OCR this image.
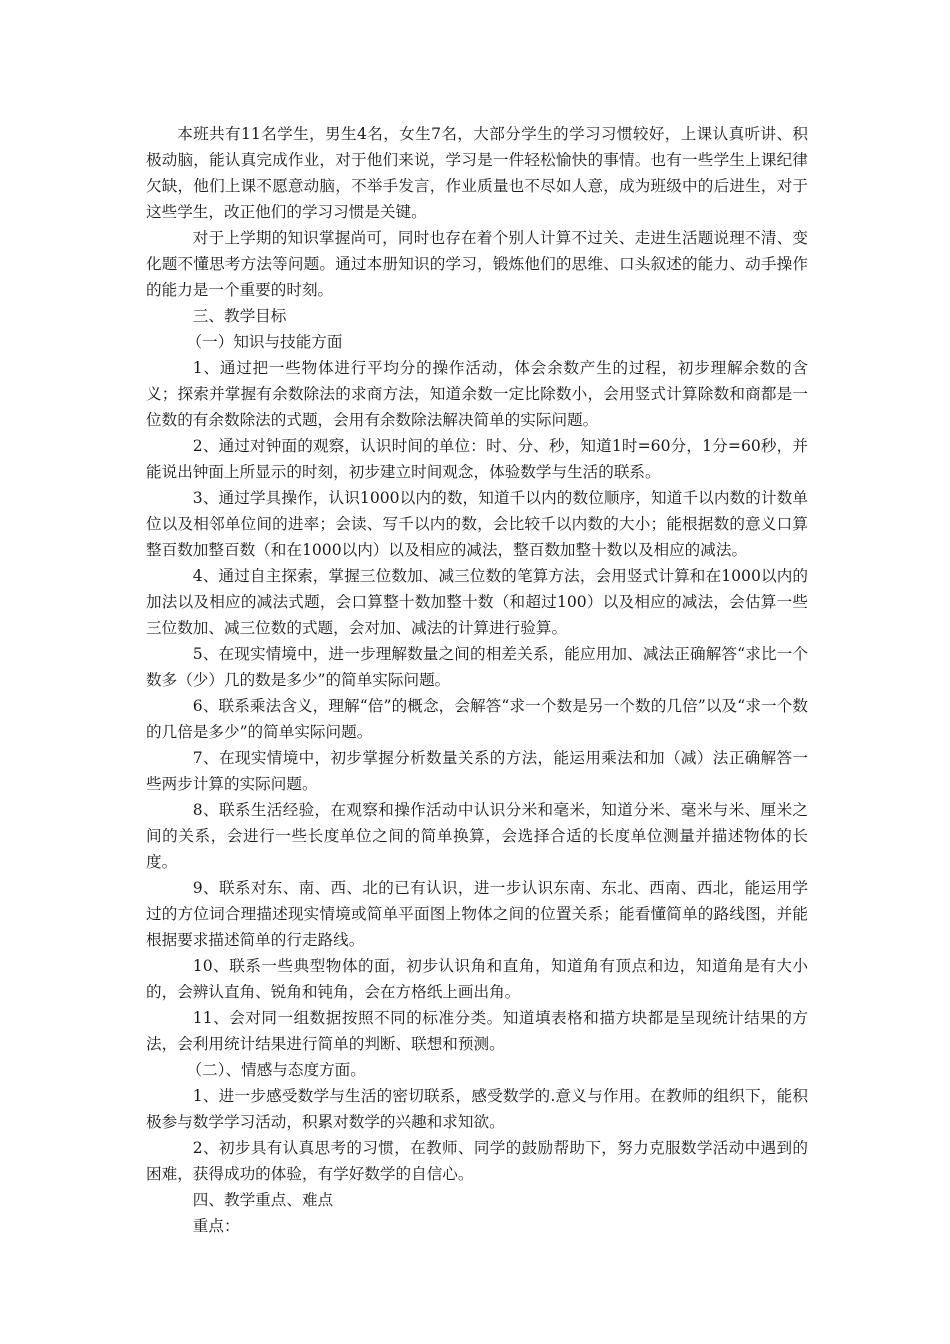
本班共有11名学生，男生4名，女生7名，大部分学生的学习习惯较好，上课认真听讲、积极动脑，能认真完成作业，对于他们来说，学习是一件轻松愉快的事情。也有一些学生上课纪律欠缺，他们上课不愿意动脑，不举手发言，作业质量也不尽如人意，成为班级中的后进生，对于这些学生，改正他们的学习习惯是关键。

对于上学期的知识掌握尚可，同时也存在着个别人计算不过关、走进生活题说理不清、变化题不懂思考方法等问题。通过本册知识的学习，锻炼他们的思维、口头叙述的能力、动手操作的能力是一个重要的时刻。

三、教学目标

（一）知识与技能方面

1、通过把一些物体进行平均分的操作活动，体会余数产生的过程，初步理解余数的含义；探索并掌握有余数除法的求商方法，知道余数一定比除数小，会用竖式计算除数和商都是一位数的有余数除法的式题，会用有余数除法解决简单的实际问题。

2、通过对钟面的观察，认识时间的单位：时、分、秒，知道1时=60分，1分=60秒，并能说出钟面上所显示的时刻，初步建立时间观念，体验数学与生活的联系。

3、通过学具操作，认识1000以内的数，知道千以内的数位顺序，知道千以内数的计数单位以及相邻单位间的进率；会读、写千以内的数，会比较千以内数的大小；能根据数的意义口算整百数加整百数（和在1000以内）以及相应的减法，整百数加整十数以及相应的减法。

4、通过自主探索，掌握三位数加、减三位数的笔算方法，会用竖式计算和在1000以内的加法以及相应的减法式题，会口算整十数加整十数（和超过100）以及相应的减法，会估算一些三位数加、减三位数的式题，会对加、减法的计算进行验算。

5、在现实情境中，进一步理解数量之间的相差关系，能应用加、减法正确解答“求比一个数多（少）几的数是多少”的简单实际问题。

6、联系乘法含义，理解“倍”的概念，会解答“求一个数是另一个数的几倍”以及“求一个数的几倍是多少”的简单实际问题。

7、在现实情境中，初步掌握分析数量关系的方法，能运用乘法和加（减）法正确解答一些两步计算的实际问题。

8、联系生活经验，在观察和操作活动中认识分米和毫米，知道分米、毫米与米、厘米之间的关系，会进行一些长度单位之间的简单换算，会选择合适的长度单位测量并描述物体的长度。

9、联系对东、南、西、北的已有认识，进一步认识东南、东北、西南、西北，能运用学过的方位词合理描述现实情境或简单平面图上物体之间的位置关系；能看懂简单的路线图，并能根据要求描述简单的行走路线。

10、联系一些典型物体的面，初步认识角和直角，知道角有顶点和边，知道角是有大小的，会辨认直角、锐角和钝角，会在方格纸上画出角。

11、会对同一组数据按照不同的标准分类。知道填表格和描方块都是呈现统计结果的方法，会利用统计结果进行简单的判断、联想和预测。

（二）、情感与态度方面。

1、进一步感受数学与生活的密切联系，感受数学的.意义与作用。在教师的组织下，能积极参与数学学习活动，积累对数学的兴趣和求知欲。

2、初步具有认真思考的习惯，在教师、同学的鼓励帮助下，努力克服数学活动中遇到的困难，获得成功的体验，有学好数学的自信心。

四、教学重点、难点

重点：
